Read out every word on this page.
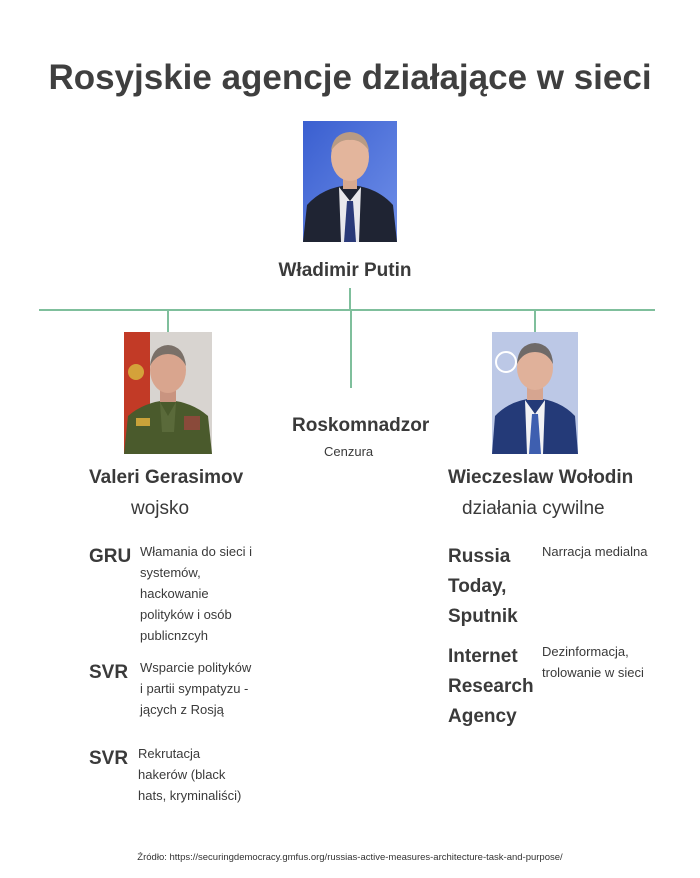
Rosyjskie agencje działające w sieci
Władimir Putin
Valeri Gerasimov
wojsko
GRU Włamania do sieci i
systemów,
hackowanie
polityków i osób
publicnzcyh
SVR Wsparcie polityków
i partii sympatyzu -
jących z Rosją
SVR Rekrutacja
hakerów (black
hats, kryminaliści)
Roskomnadzor
Cenzura
Wieczeslaw Wołodin
działania cywilne
Russia
Today,
Sputnik
Narracja medialna
Internet
Research
Agency
Dezinformacja,
trolowanie w sieci
Źródło: https://securingdemocracy.gmfus.org/russias-active-measures-architecture-task-and-purpose/
